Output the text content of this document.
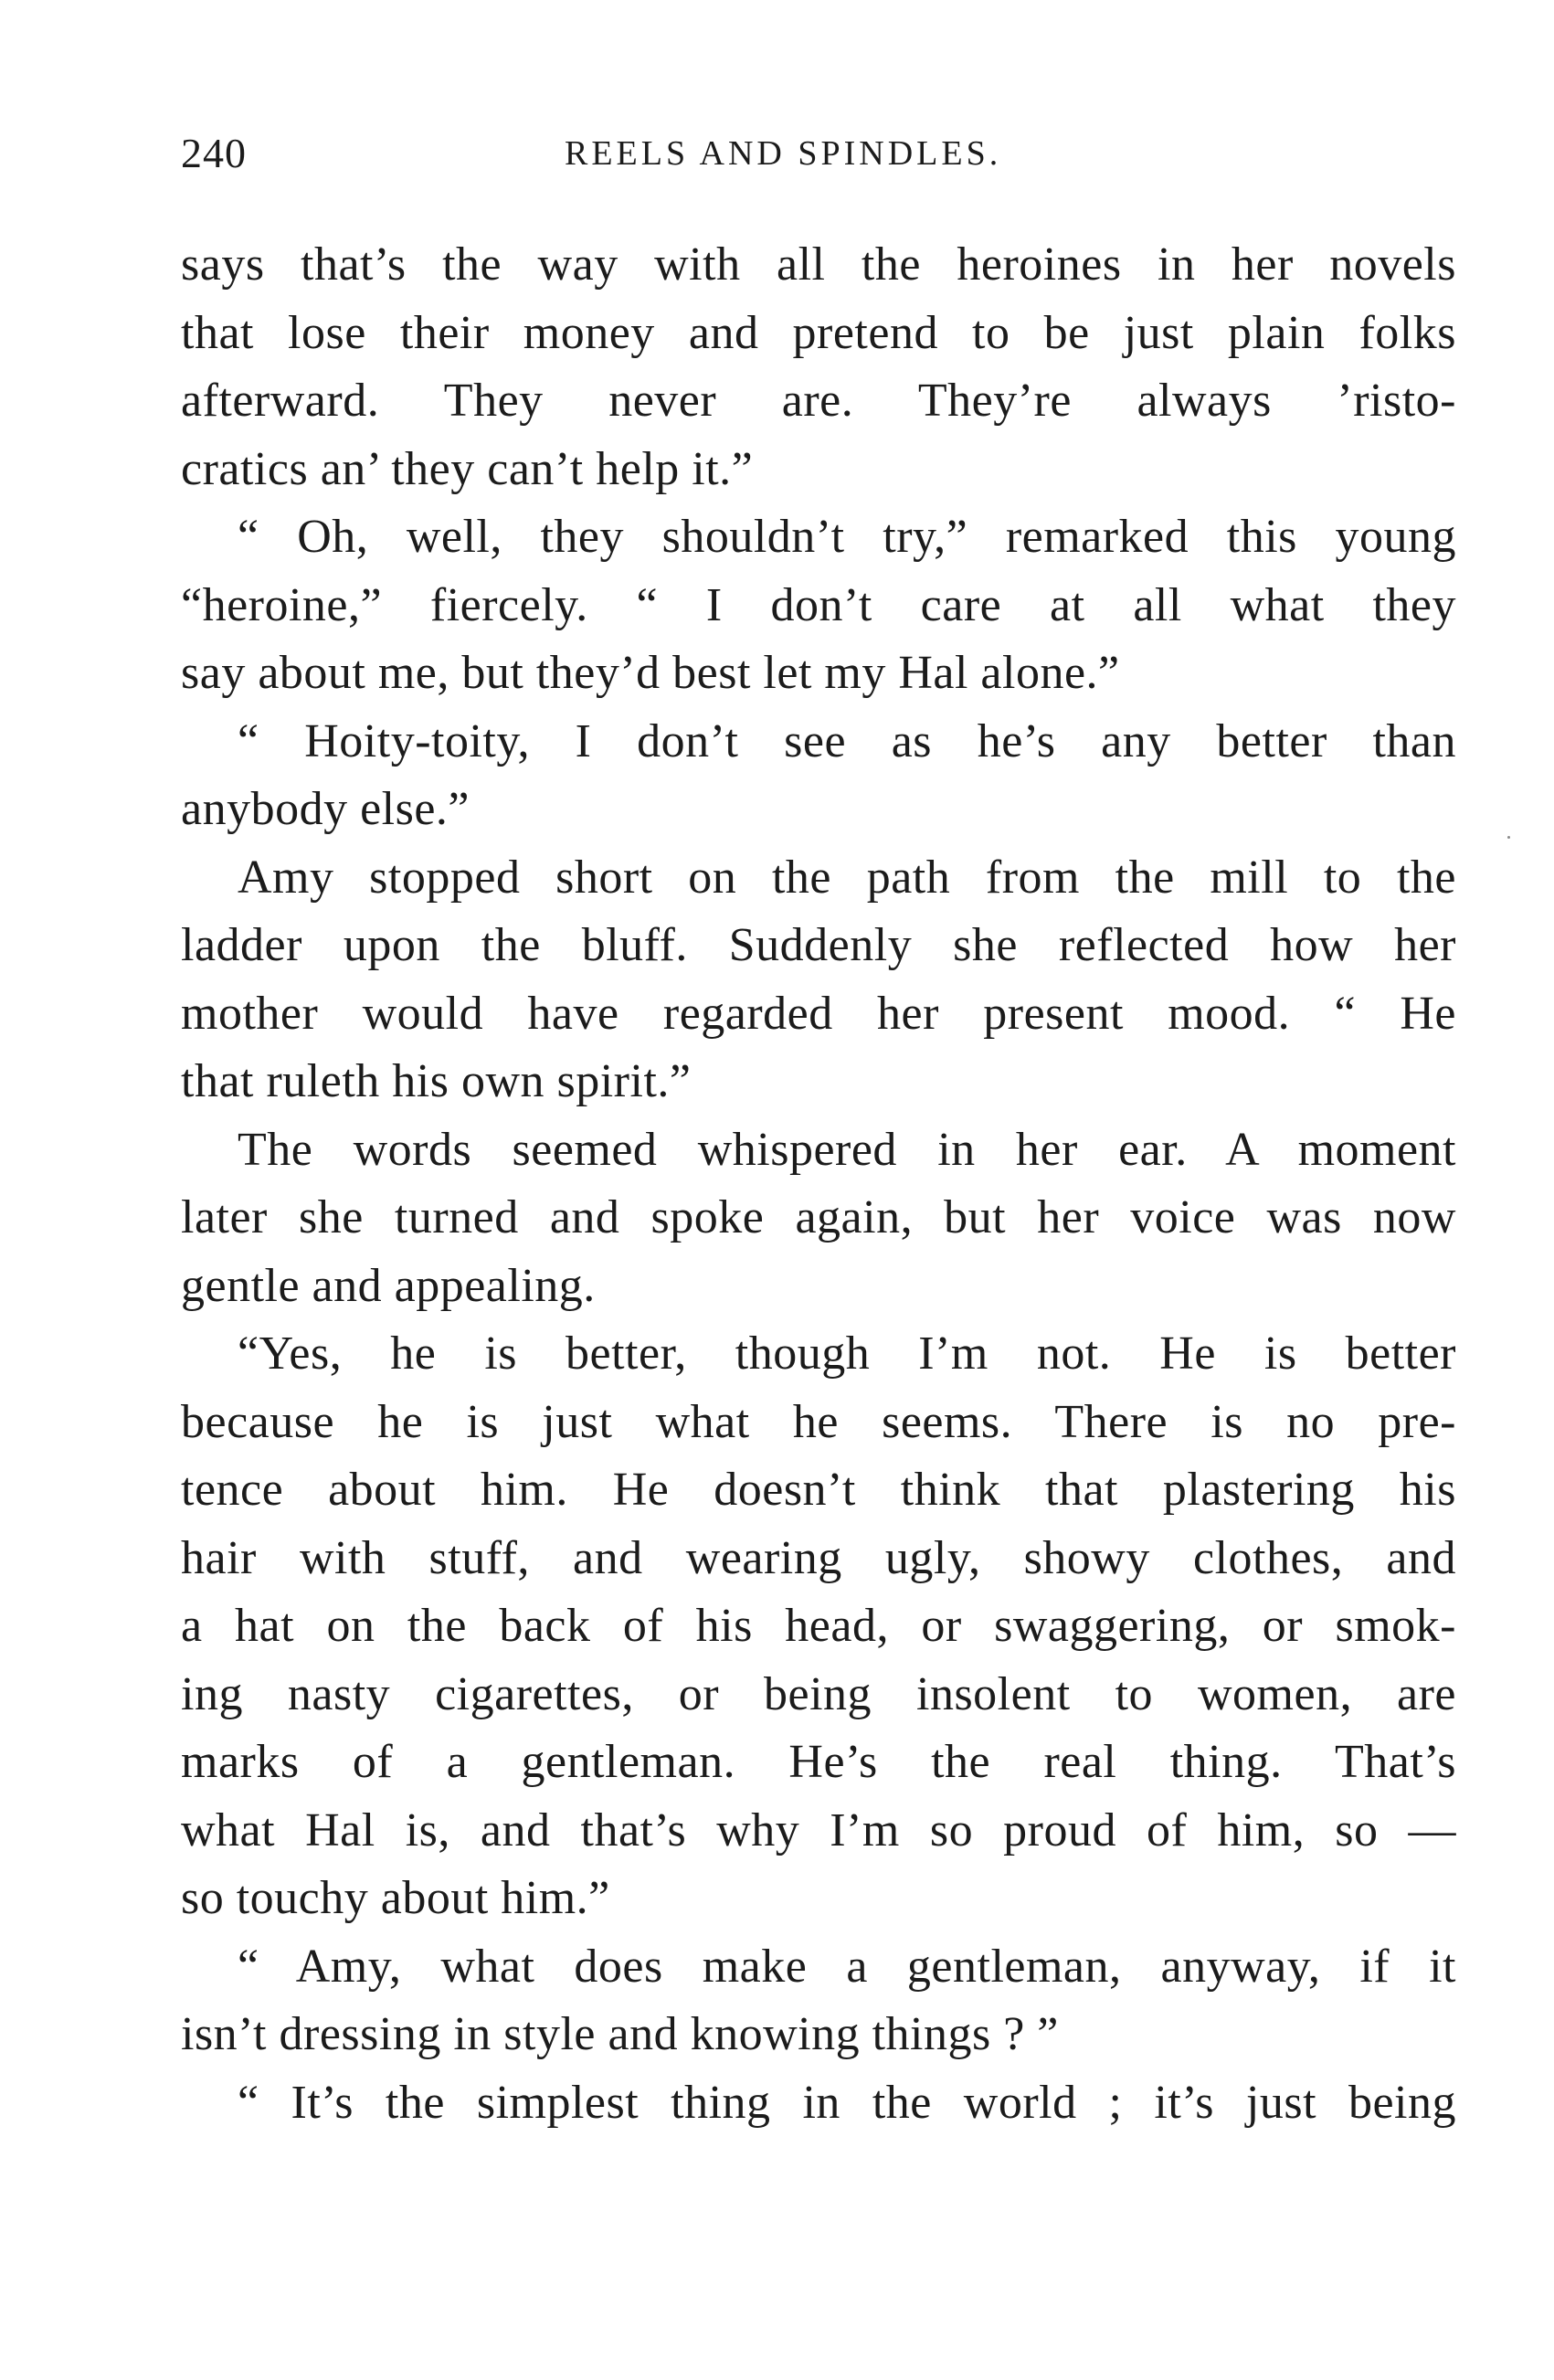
240	REELS AND SPINDLES.
says that’s the way with all the heroines in her novels
that lose their money and pretend to be just plain folks
afterward. They never are. They’re always ’risto-
cratics an’ they can’t help it.”
“ Oh, well, they shouldn’t try,” remarked this young
“heroine,” fiercely. “ I don’t care at all what they
say about me, but they’d best let my Hal alone.”
“ Hoity-toity, I don’t see as he’s any better than
anybody else.”
Amy stopped short on the path from the mill to the
ladder upon the bluff. Suddenly she reflected how her
mother would have regarded her present mood. “ He
that ruleth his own spirit.”
The words seemed whispered in her ear. A moment
later she turned and spoke again, but her voice was now
gentle and appealing.
“Yes, he is better, though I’m not. He is better
because he is just what he seems. There is no pre-
tence about him. He doesn’t think that plastering his
hair with stuff, and wearing ugly, showy clothes, and
a hat on the back of his head, or swaggering, or smok-
ing nasty cigarettes, or being insolent to women, are
marks of a gentleman. He’s the real thing. That’s
what Hal is, and that’s why I’m so proud of him, so —
so touchy about him.”
“ Amy, what does make a gentleman, anyway, if it
isn’t dressing in style and knowing things ? ”
“ It’s the simplest thing in the world ; it’s just being
